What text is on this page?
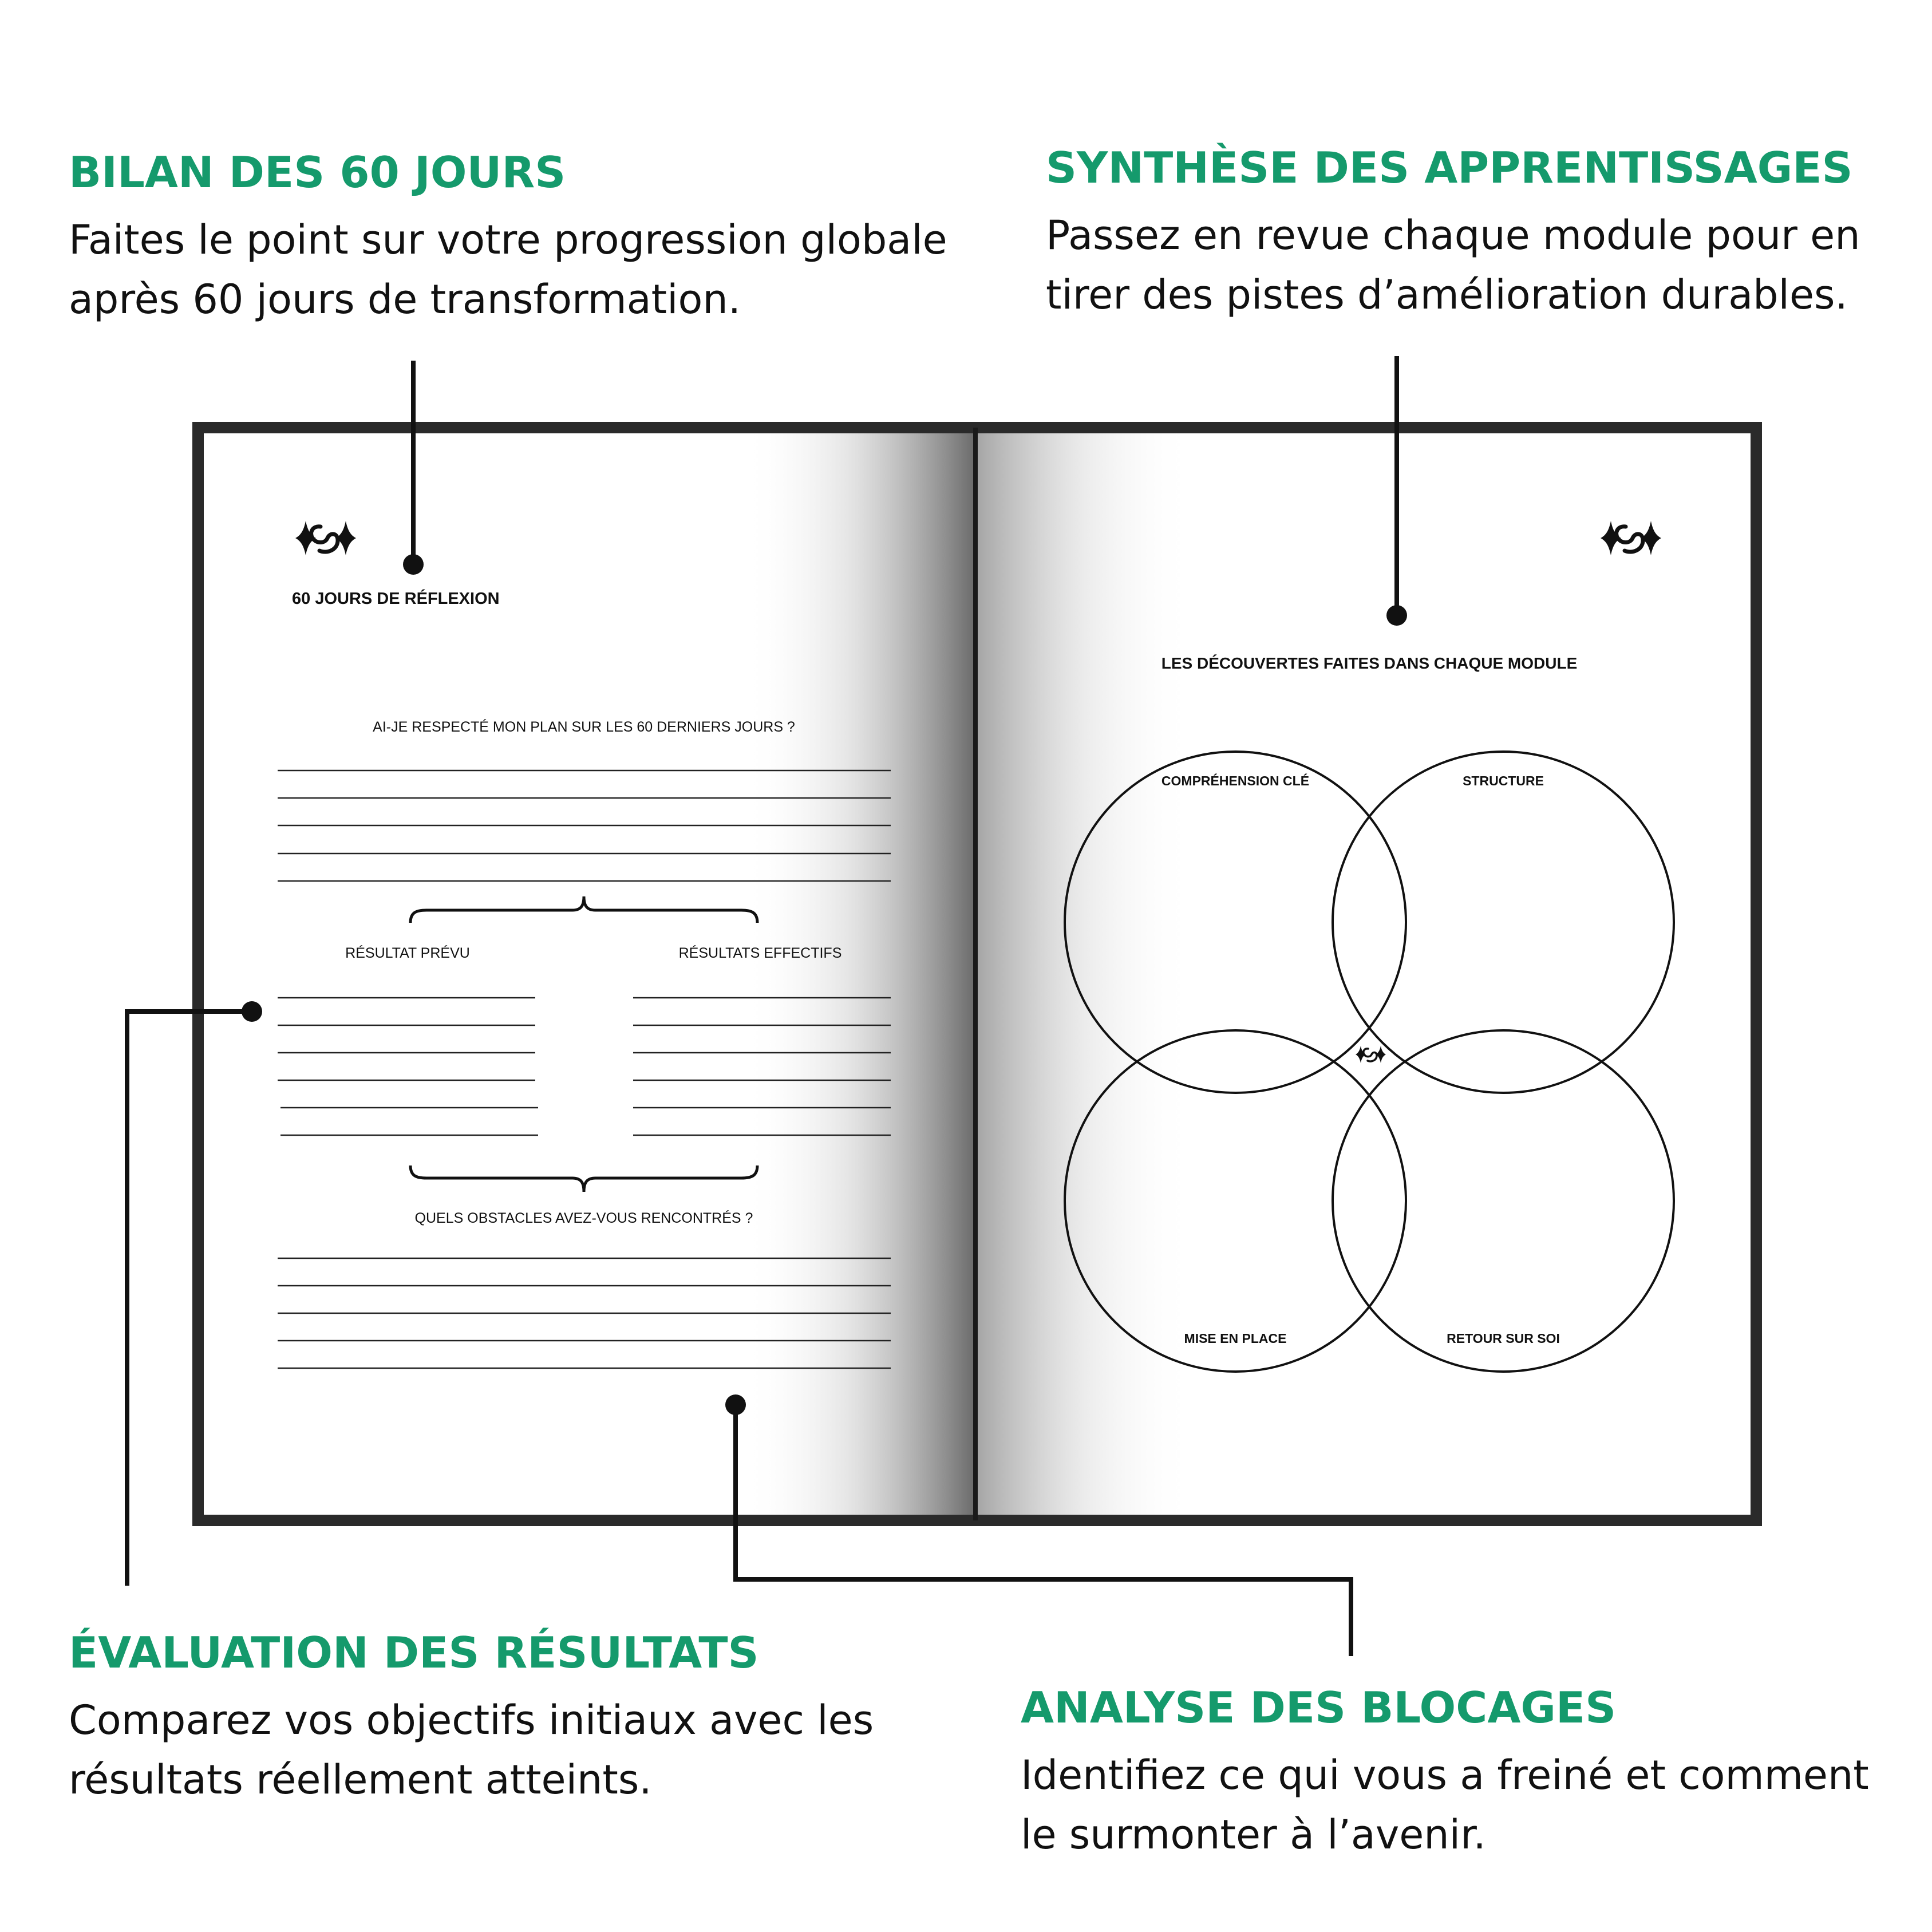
BILAN DES 60 JOURS

Faites le point sur votre progression globale après 60 jours de transformation.

SYNTHÈSE DES APPRENTISSAGES

Passez en revue chaque module pour en tirer des pistes d’amélioration durables.

ÉVALUATION DES RÉSULTATS

Comparez vos objectifs initiaux avec les résultats réellement atteints.

ANALYSE DES BLOCAGES

Identifiez ce qui vous a freiné et comment le surmonter à l’avenir.

60 JOURS DE RÉFLEXION
AI-JE RESPECTÉ MON PLAN SUR LES 60 DERNIERS JOURS ?
RÉSULTAT PRÉVU	RÉSULTATS EFFECTIFS
QUELS OBSTACLES AVEZ-VOUS RENCONTRÉS ?
LES DÉCOUVERTES FAITES DANS CHAQUE MODULE
COMPRÉHENSION CLÉ	STRUCTURE
MISE EN PLACE	RETOUR SUR SOI
